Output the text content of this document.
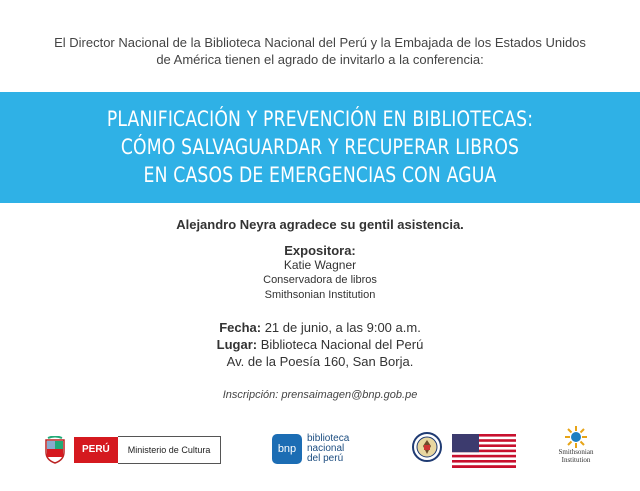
El Director Nacional de la Biblioteca Nacional del Perú y la Embajada de los Estados Unidos
de América tienen el agrado de invitarlo a la conferencia:
PLANIFICACIÓN Y PREVENCIÓN EN BIBLIOTECAS:
CÓMO SALVAGUARDAR Y RECUPERAR LIBROS
EN CASOS DE EMERGENCIAS CON AGUA
Alejandro Neyra agradece su gentil asistencia.
Expositora:
Katie Wagner
Conservadora de libros
Smithsonian Institution
Fecha: 21 de junio, a las 9:00 a.m.
Lugar: Biblioteca Nacional del Perú
Av. de la Poesía 160, San Borja.
Inscripción: prensaimagen@bnp.gob.pe
PERÚ	Ministerio de Cultura	bnp
biblioteca
nacional
del perú
Smithsonian
Institution
